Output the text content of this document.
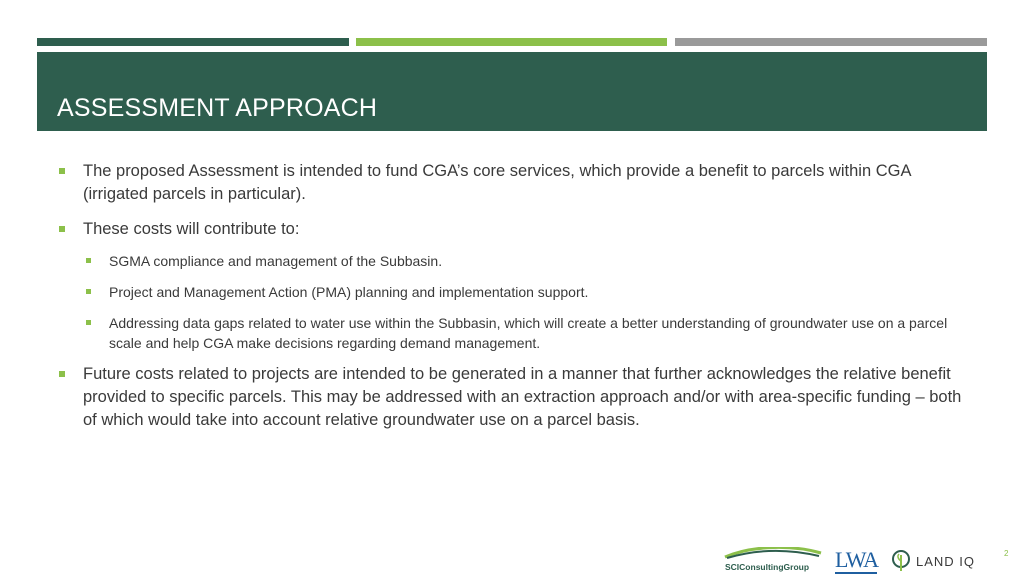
ASSESSMENT APPROACH

The proposed Assessment is intended to fund CGA’s core services, which provide a benefit to parcels within CGA (irrigated parcels in particular).

These costs will contribute to:

SGMA compliance and management of the Subbasin.

Project and Management Action (PMA) planning and implementation support.

Addressing data gaps related to water use within the Subbasin, which will create a better understanding of groundwater use on a parcel scale and help CGA make decisions regarding demand management.

Future costs related to projects are intended to be generated in a manner that further acknowledges the relative benefit provided to specific parcels. This may be addressed with an extraction approach and/or with area-specific funding – both of which would take into account relative groundwater use on a parcel basis.

SCIConsultingGroup LWA	LAND IQ
2
